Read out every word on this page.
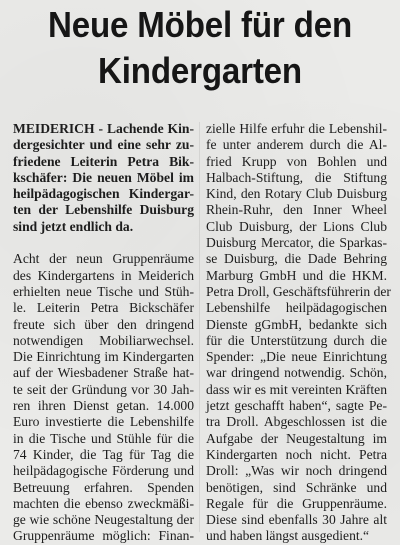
Neue Möbel für den
Kindergarten
MEIDERICH - Lachende Kin-
dergesichter und eine sehr zu-
friedene Leiterin Petra Bik-
kschäfer: Die neuen Möbel im
heilpädagogischen Kindergar-
ten der Lebenshilfe Duisburg
sind jetzt endlich da.
Acht der neun Gruppenräume
des Kindergartens in Meiderich
erhielten neue Tische und Stüh-
le. Leiterin Petra Bickschäfer
freute sich über den dringend
notwendigen Mobiliarwechsel.
Die Einrichtung im Kindergarten
auf der Wiesbadener Straße hat-
te seit der Gründung vor 30 Jah-
ren ihren Dienst getan. 14.000
Euro investierte die Lebenshilfe
in die Tische und Stühle für die
74 Kinder, die Tag für Tag die
heilpädagogische Förderung und
Betreuung erfahren. Spenden
machten die ebenso zweckmäßi-
ge wie schöne Neugestaltung der
Gruppenräume möglich: Finan-
zielle Hilfe erfuhr die Lebenshil-
fe unter anderem durch die Al-
fried Krupp von Bohlen und
Halbach-Stiftung, die Stiftung
Kind, den Rotary Club Duisburg
Rhein-Ruhr, den Inner Wheel
Club Duisburg, der Lions Club
Duisburg Mercator, die Sparkas-
se Duisburg, die Dade Behring
Marburg GmbH und die HKM.
Petra Droll, Geschäftsführerin der
Lebenshilfe heilpädagogischen
Dienste gGmbH, bedankte sich
für die Unterstützung durch die
Spender: „Die neue Einrichtung
war dringend notwendig. Schön,
dass wir es mit vereinten Kräften
jetzt geschafft haben“, sagte Pe-
tra Droll. Abgeschlossen ist die
Aufgabe der Neugestaltung im
Kindergarten noch nicht. Petra
Droll: „Was wir noch dringend
benötigen, sind Schränke und
Regale für die Gruppenräume.
Diese sind ebenfalls 30 Jahre alt
und haben längst ausgedient.“
